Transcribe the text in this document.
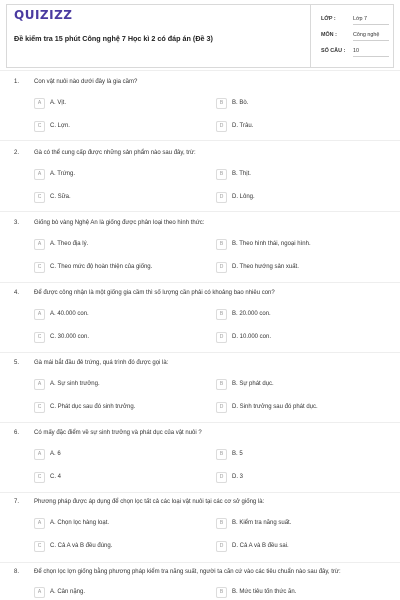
QUIZIZZ
Đề kiểm tra 15 phút Công nghệ 7 Học kì 2 có đáp án (Đề 3)
LỚP :	Lớp 7
MÔN :	Công nghệ
SỐ CÂU : 10
1. Con vật nuôi nào dưới đây là gia cầm?
A	A. Vịt.	B	B. Bò.
C	C. Lợn.	D	D. Trâu.
2. Gà có thể cung cấp được những sản phẩm nào sau đây, trừ:
A	A. Trứng.	B	B. Thịt.
C	C. Sữa.	D	D. Lông.
3. Giống bò vàng Nghệ An là giống được phân loại theo hình thức:
A	A. Theo địa lý.	B	B. Theo hình thái, ngoại hình.
C	C. Theo mức độ hoàn thiện của giống.	D	D. Theo hướng sản xuất.
4. Để được công nhận là một giống gia cầm thì số lượng cần phải có khoảng bao nhiêu con?
A	A. 40.000 con.	B	B. 20.000 con.
C	C. 30.000 con.	D	D. 10.000 con.
5. Gà mái bắt đầu đẻ trứng, quá trình đó được gọi là:
A	A. Sự sinh trưởng.	B	B. Sự phát dục.
C	C. Phát dục sau đó sinh trưởng.	D	D. Sinh trưởng sau đó phát dục.
6. Có mấy đặc điểm về sự sinh trưởng và phát dục của vật nuôi ?
A	A. 6	B	B. 5
C	C. 4	D	D. 3
7. Phương pháp được áp dụng để chọn lọc tất cả các loại vật nuôi tại các cơ sở giống là:
A	A. Chọn lọc hàng loạt.	B	B. Kiểm tra năng suất.
C	C. Cả A và B đều đúng.	D	D. Cả A và B đều sai.
8. Để chọn lọc lợn giống bằng phương pháp kiểm tra năng suất, người ta căn cứ vào các tiêu chuẩn nào sau đây, trừ:
A	A. Cân nặng.	B	B. Mức tiêu tốn thức ăn.
